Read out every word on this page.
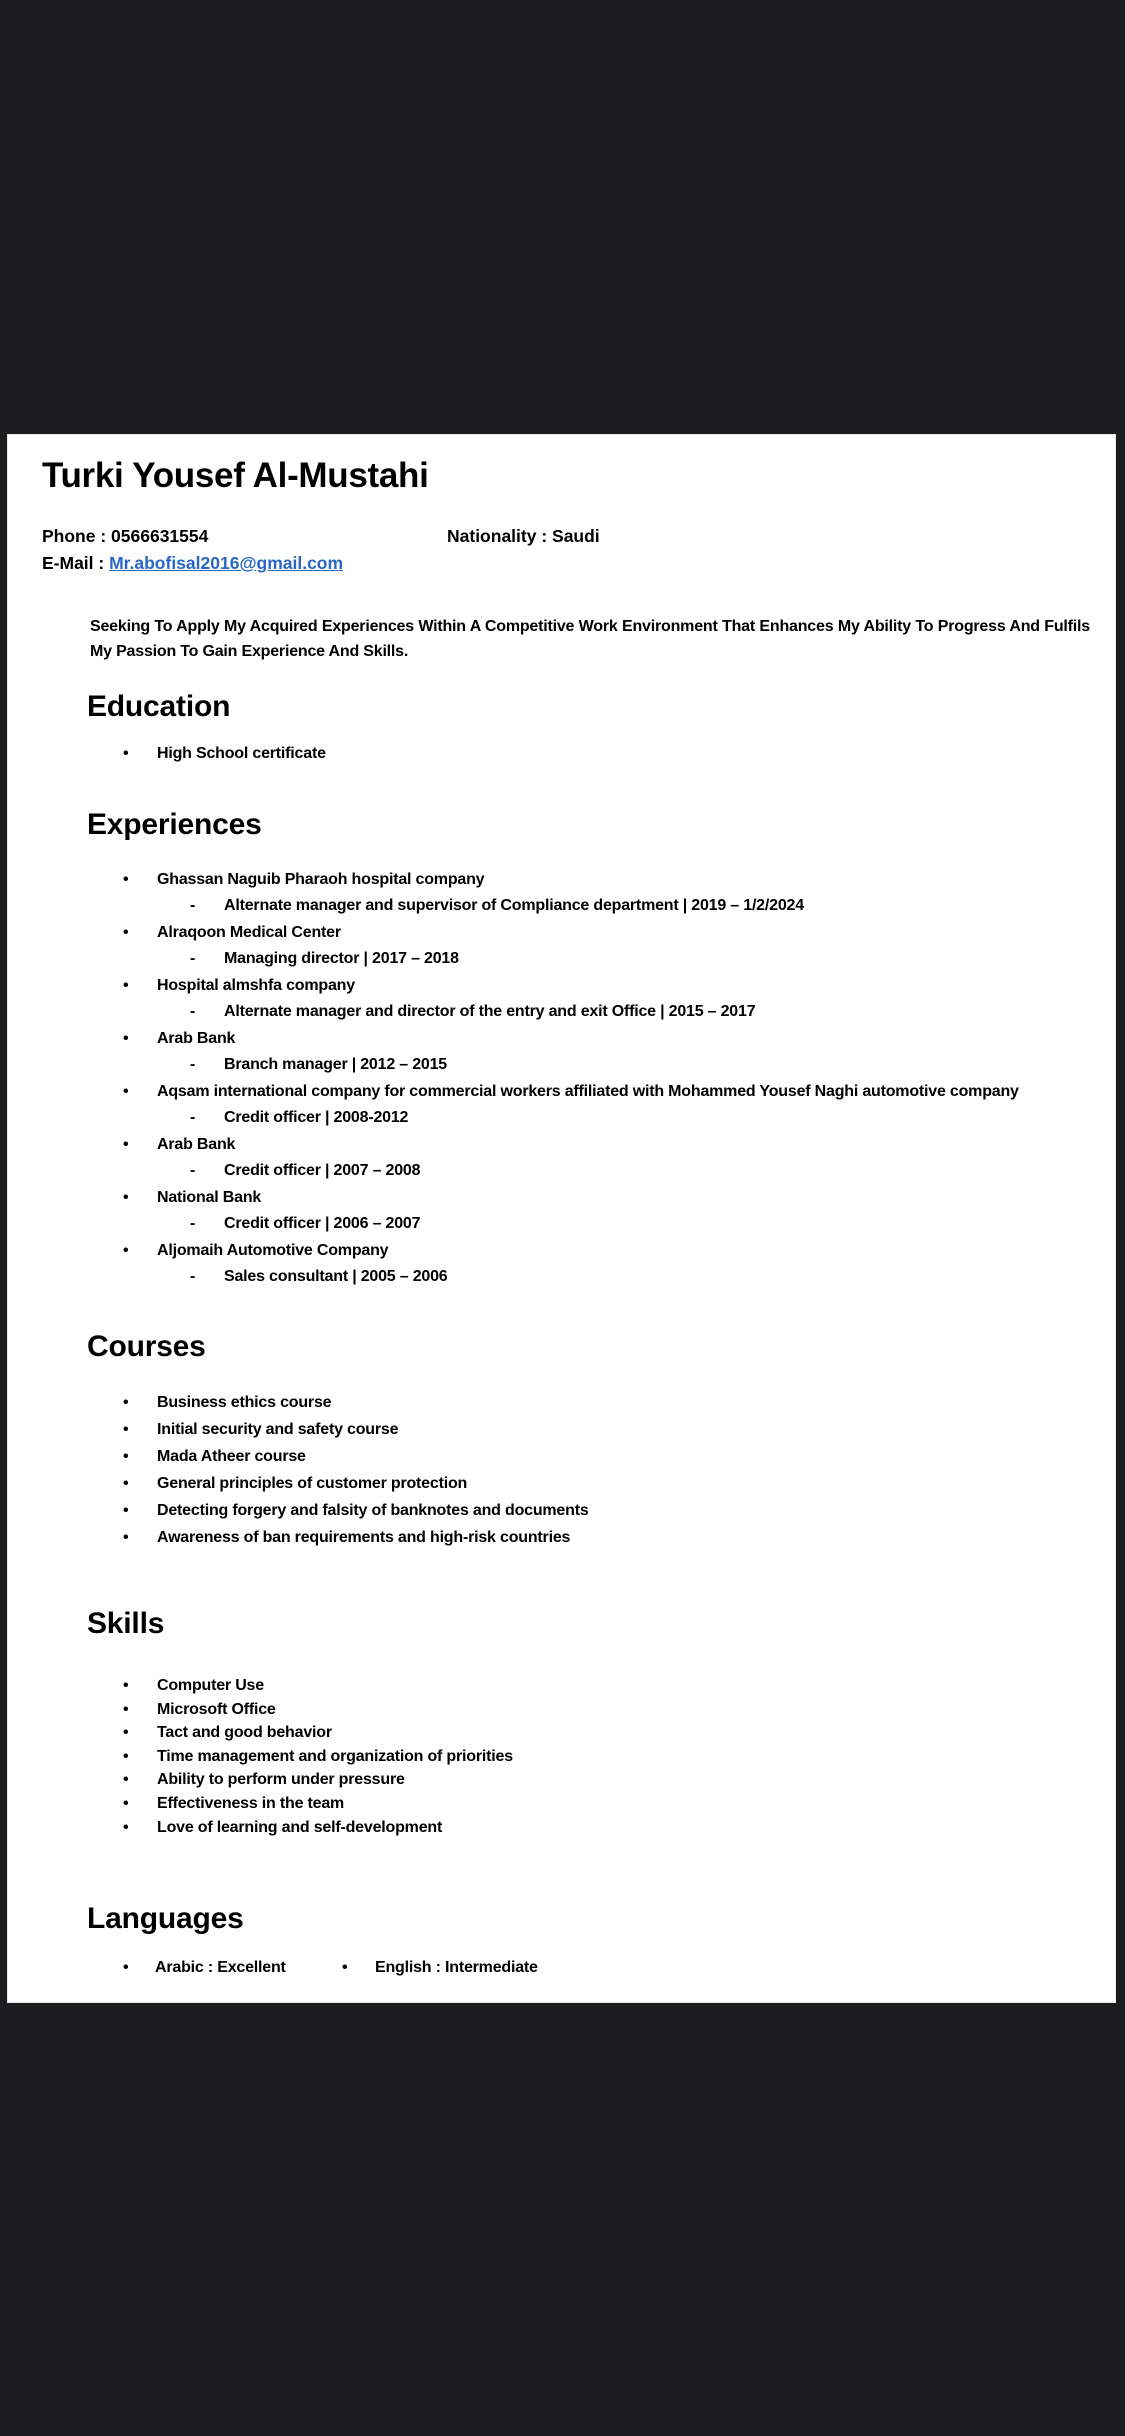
Turki Yousef Al-Mustahi
Phone : 0566631554	Nationality : Saudi
E-Mail : Mr.abofisal2016@gmail.com
Seeking To Apply My Acquired Experiences Within A Competitive Work Environment That Enhances My Ability To Progress And Fulfils My Passion To Gain Experience And Skills.
Education
• High School certificate
Experiences
• Ghassan Naguib Pharaoh hospital company
- Alternate manager and supervisor of Compliance department | 2019 – 1/2/2024
• Alraqoon Medical Center
- Managing director | 2017 – 2018
• Hospital almshfa company
- Alternate manager and director of the entry and exit Office | 2015 – 2017
• Arab Bank
- Branch manager | 2012 – 2015
• Aqsam international company for commercial workers affiliated with Mohammed Yousef Naghi automotive company
- Credit officer | 2008-2012
• Arab Bank
- Credit officer | 2007 – 2008
• National Bank
- Credit officer | 2006 – 2007
• Aljomaih Automotive Company
- Sales consultant | 2005 – 2006
Courses
• Business ethics course
• Initial security and safety course
• Mada Atheer course
• General principles of customer protection
• Detecting forgery and falsity of banknotes and documents
• Awareness of ban requirements and high-risk countries
Skills
• Computer Use
• Microsoft Office
• Tact and good behavior
• Time management and organization of priorities
• Ability to perform under pressure
• Effectiveness in the team
• Love of learning and self-development
Languages
• Arabic : Excellent	• English : Intermediate
